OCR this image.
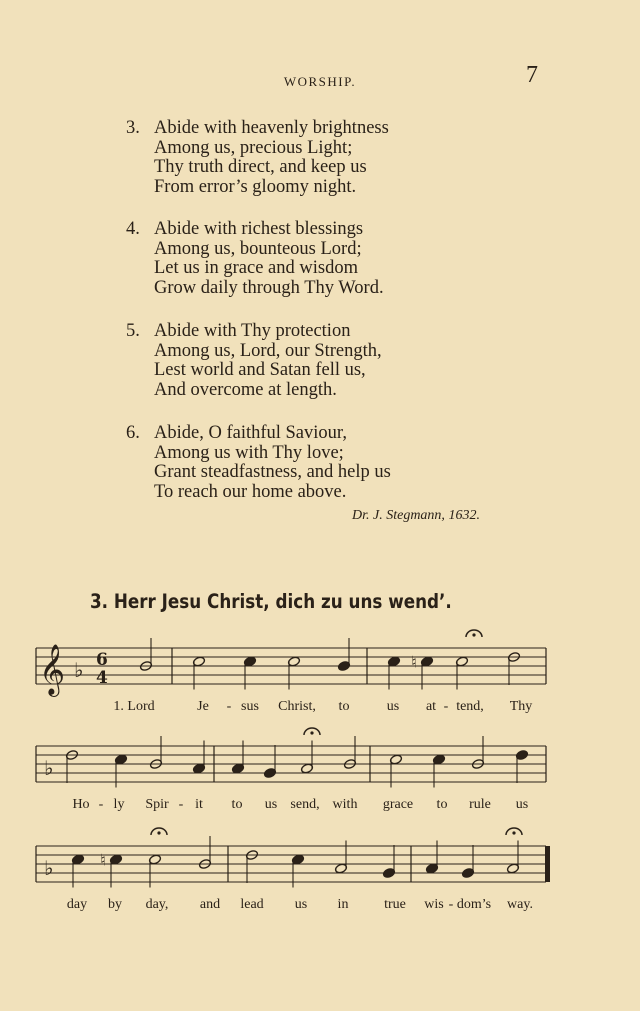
WORSHIP.	7
3. Abide with heavenly brightness
Among us, precious Light;
Thy truth direct, and keep us
From error’s gloomy night.
4. Abide with richest blessings
Among us, bounteous Lord;
Let us in grace and wisdom
Grow daily through Thy Word.
5. Abide with Thy protection
Among us, Lord, our Strength,
Lest world and Satan fell us,
And overcome at length.
6. Abide, O faithful Saviour,
Among us with Thy love;
Grant steadfastness, and help us
To reach our home above.
Dr. J. Stegmann, 1632.
3. Herr Jesu Christ, dich zu uns wend’.
𝄞 ♭ 6
4
♮
♭
♭	♮
1. Lord	Je - sus Christ, to	us at - tend, Thy
Ho - ly Spir - it to us send, with grace to rule us
day by day, and lead us in	true wis - dom’s way.
